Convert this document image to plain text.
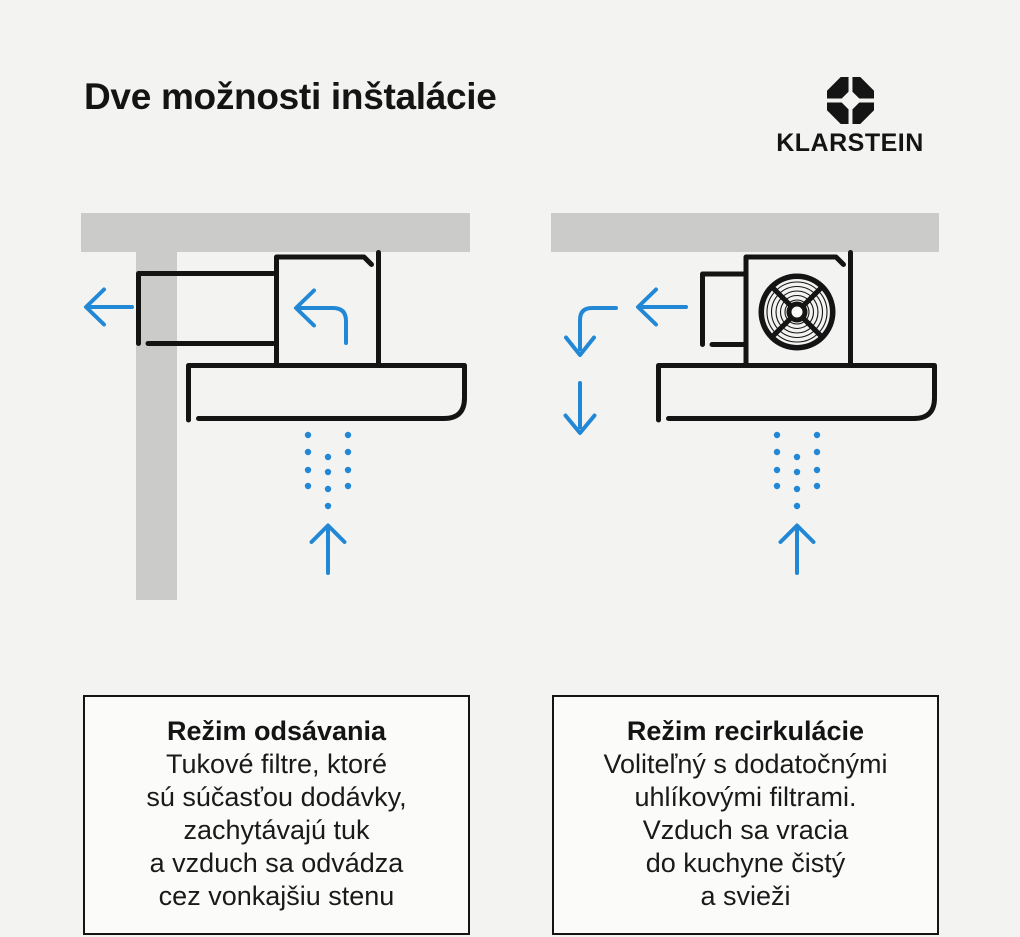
Dve možnosti inštalácie
KLARSTEIN
Režim odsávania
Tukové filtre, ktoré
sú súčasťou dodávky,
zachytávajú tuk
a vzduch sa odvádza
cez vonkajšiu stenu
Režim recirkulácie
Voliteľný s dodatočnými
uhlíkovými filtrami.
Vzduch sa vracia
do kuchyne čistý
a svieži
